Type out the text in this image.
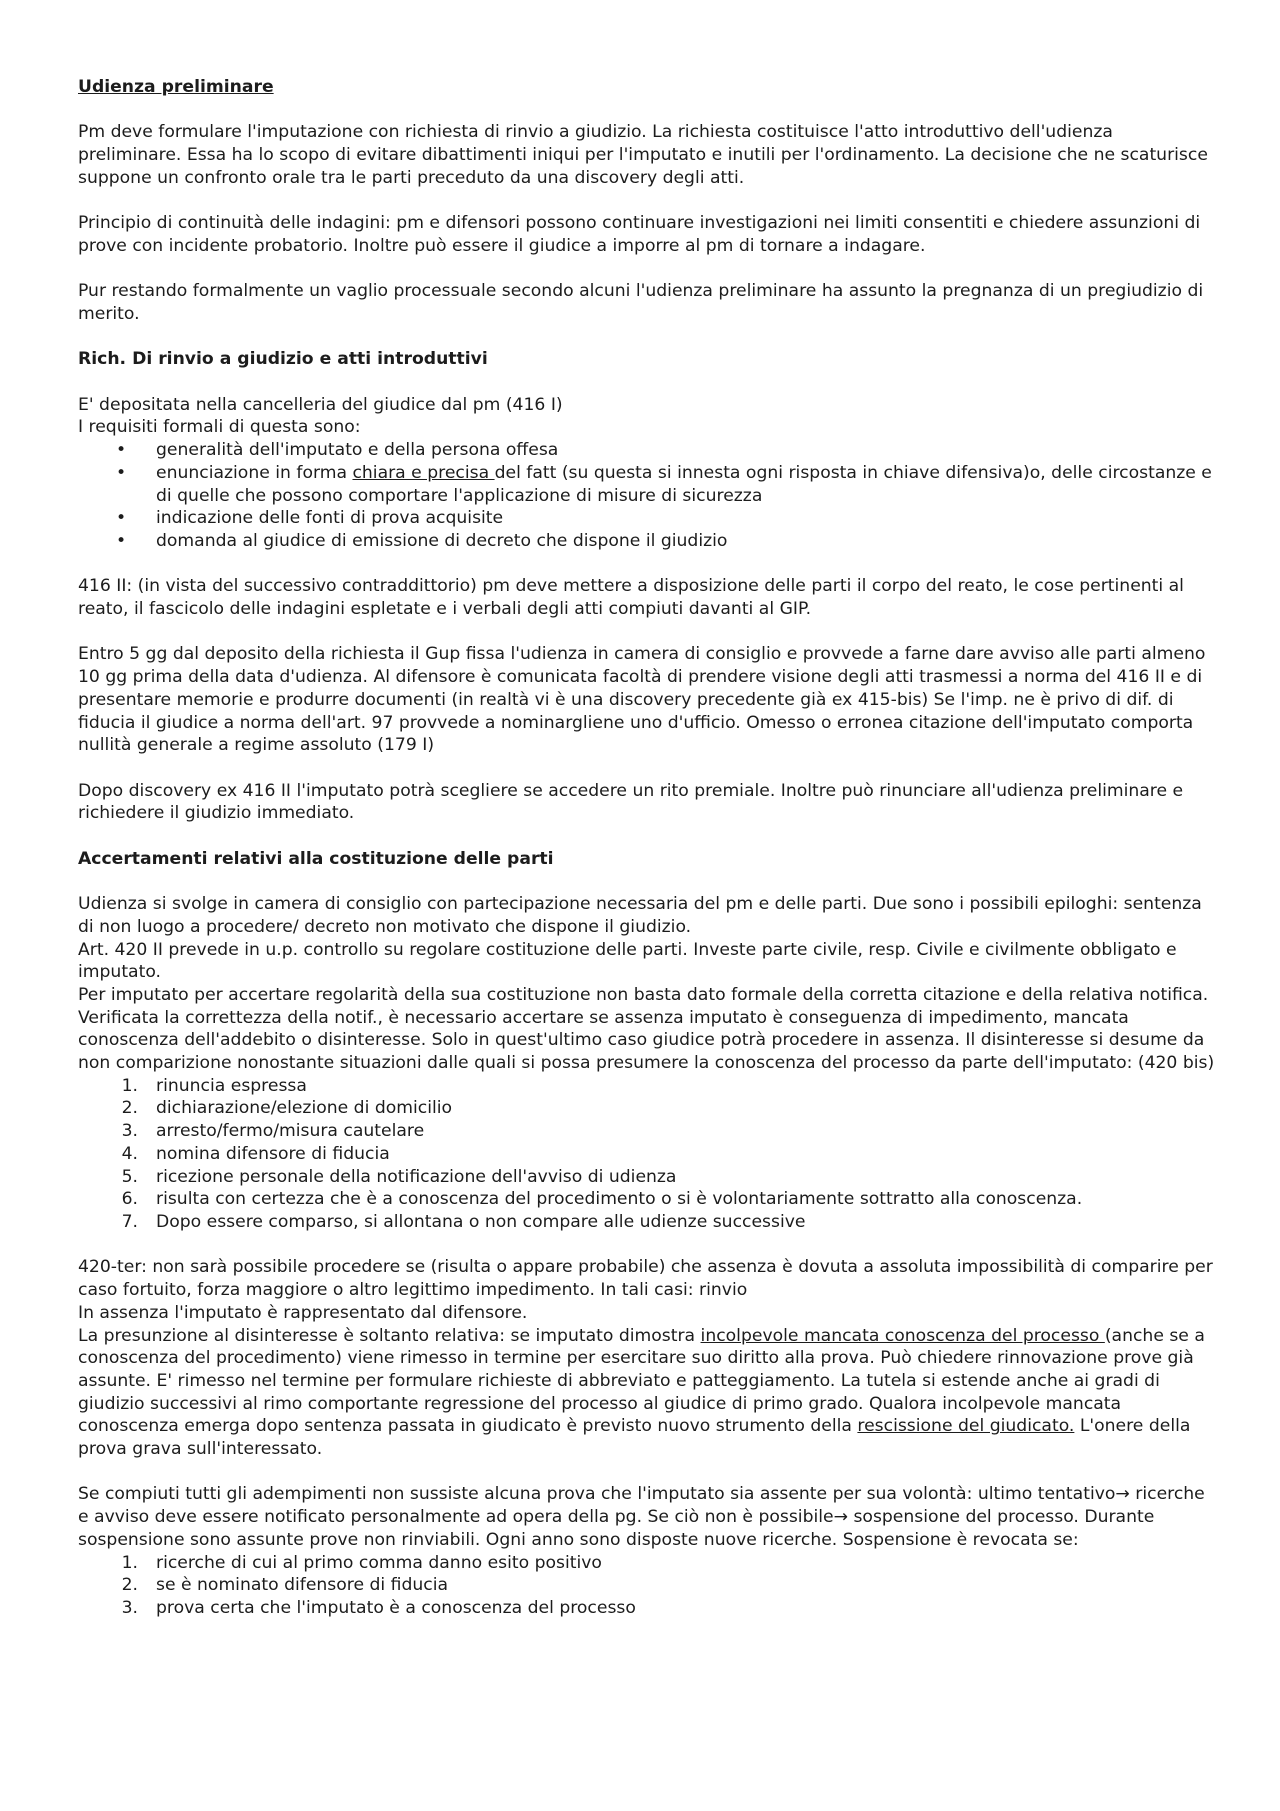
Udienza preliminare

Pm deve formulare l'imputazione con richiesta di rinvio a giudizio. La richiesta costituisce l'atto introduttivo dell'udienza preliminare. Essa ha lo scopo di evitare dibattimenti iniqui per l'imputato e inutili per l'ordinamento. La decisione che ne scaturisce suppone un confronto orale tra le parti preceduto da una discovery degli atti.

Principio di continuità delle indagini: pm e difensori possono continuare investigazioni nei limiti consentiti e chiedere assunzioni di prove con incidente probatorio. Inoltre può essere il giudice a imporre al pm di tornare a indagare.

Pur restando formalmente un vaglio processuale secondo alcuni l'udienza preliminare ha assunto la pregnanza di un pregiudizio di merito.

Rich. Di rinvio a giudizio e atti introduttivi

E' depositata nella cancelleria del giudice dal pm (416 I)

I requisiti formali di questa sono:

• generalità dell'imputato e della persona offesa
• enunciazione in forma chiara e precisa del fatt (su questa si innesta ogni risposta in chiave difensiva)o, delle circostanze e di quelle che possono comportare l'applicazione di misure di sicurezza
• indicazione delle fonti di prova acquisite
• domanda al giudice di emissione di decreto che dispone il giudizio

416 II: (in vista del successivo contraddittorio) pm deve mettere a disposizione delle parti il corpo del reato, le cose pertinenti al reato, il fascicolo delle indagini espletate e i verbali degli atti compiuti davanti al GIP.

Entro 5 gg dal deposito della richiesta il Gup fissa l'udienza in camera di consiglio e provvede a farne dare avviso alle parti almeno 10 gg prima della data d'udienza. Al difensore è comunicata facoltà di prendere visione degli atti trasmessi a norma del 416 II e di presentare memorie e produrre documenti (in realtà vi è una discovery precedente già ex 415-bis) Se l'imp. ne è privo di dif. di fiducia il giudice a norma dell'art. 97 provvede a nominargliene uno d'ufficio. Omesso o erronea citazione dell'imputato comporta nullità generale a regime assoluto (179 I)

Dopo discovery ex 416 II l'imputato potrà scegliere se accedere un rito premiale. Inoltre può rinunciare all'udienza preliminare e richiedere il giudizio immediato.

Accertamenti relativi alla costituzione delle parti

Udienza si svolge in camera di consiglio con partecipazione necessaria del pm e delle parti. Due sono i possibili epiloghi: sentenza di non luogo a procedere/ decreto non motivato che dispone il giudizio.

Art. 420 II prevede in u.p. controllo su regolare costituzione delle parti. Investe parte civile, resp. Civile e civilmente obbligato e imputato.

Per imputato per accertare regolarità della sua costituzione non basta dato formale della corretta citazione e della relativa notifica.

Verificata la correttezza della notif., è necessario accertare se assenza imputato è conseguenza di impedimento, mancata conoscenza dell'addebito o disinteresse. Solo in quest'ultimo caso giudice potrà procedere in assenza. Il disinteresse si desume da non comparizione nonostante situazioni dalle quali si possa presumere la conoscenza del processo da parte dell'imputato: (420 bis)

1. rinuncia espressa
2. dichiarazione/elezione di domicilio
3. arresto/fermo/misura cautelare
4. nomina difensore di fiducia
5. ricezione personale della notificazione dell'avviso di udienza
6. risulta con certezza che è a conoscenza del procedimento o si è volontariamente sottratto alla conoscenza.
7. Dopo essere comparso, si allontana o non compare alle udienze successive

420-ter: non sarà possibile procedere se (risulta o appare probabile) che assenza è dovuta a assoluta impossibilità di comparire per caso fortuito, forza maggiore o altro legittimo impedimento. In tali casi: rinvio

In assenza l'imputato è rappresentato dal difensore.

La presunzione al disinteresse è soltanto relativa: se imputato dimostra incolpevole mancata conoscenza del processo (anche se a conoscenza del procedimento) viene rimesso in termine per esercitare suo diritto alla prova. Può chiedere rinnovazione prove già assunte. E' rimesso nel termine per formulare richieste di abbreviato e patteggiamento. La tutela si estende anche ai gradi di giudizio successivi al rimo comportante regressione del processo al giudice di primo grado. Qualora incolpevole mancata conoscenza emerga dopo sentenza passata in giudicato è previsto nuovo strumento della rescissione del giudicato. L'onere della prova grava sull'interessato.

Se compiuti tutti gli adempimenti non sussiste alcuna prova che l'imputato sia assente per sua volontà: ultimo tentativo→ ricerche e avviso deve essere notificato personalmente ad opera della pg. Se ciò non è possibile→ sospensione del processo. Durante sospensione sono assunte prove non rinviabili. Ogni anno sono disposte nuove ricerche. Sospensione è revocata se:

1. ricerche di cui al primo comma danno esito positivo
2. se è nominato difensore di fiducia
3. prova certa che l'imputato è a conoscenza del processo
